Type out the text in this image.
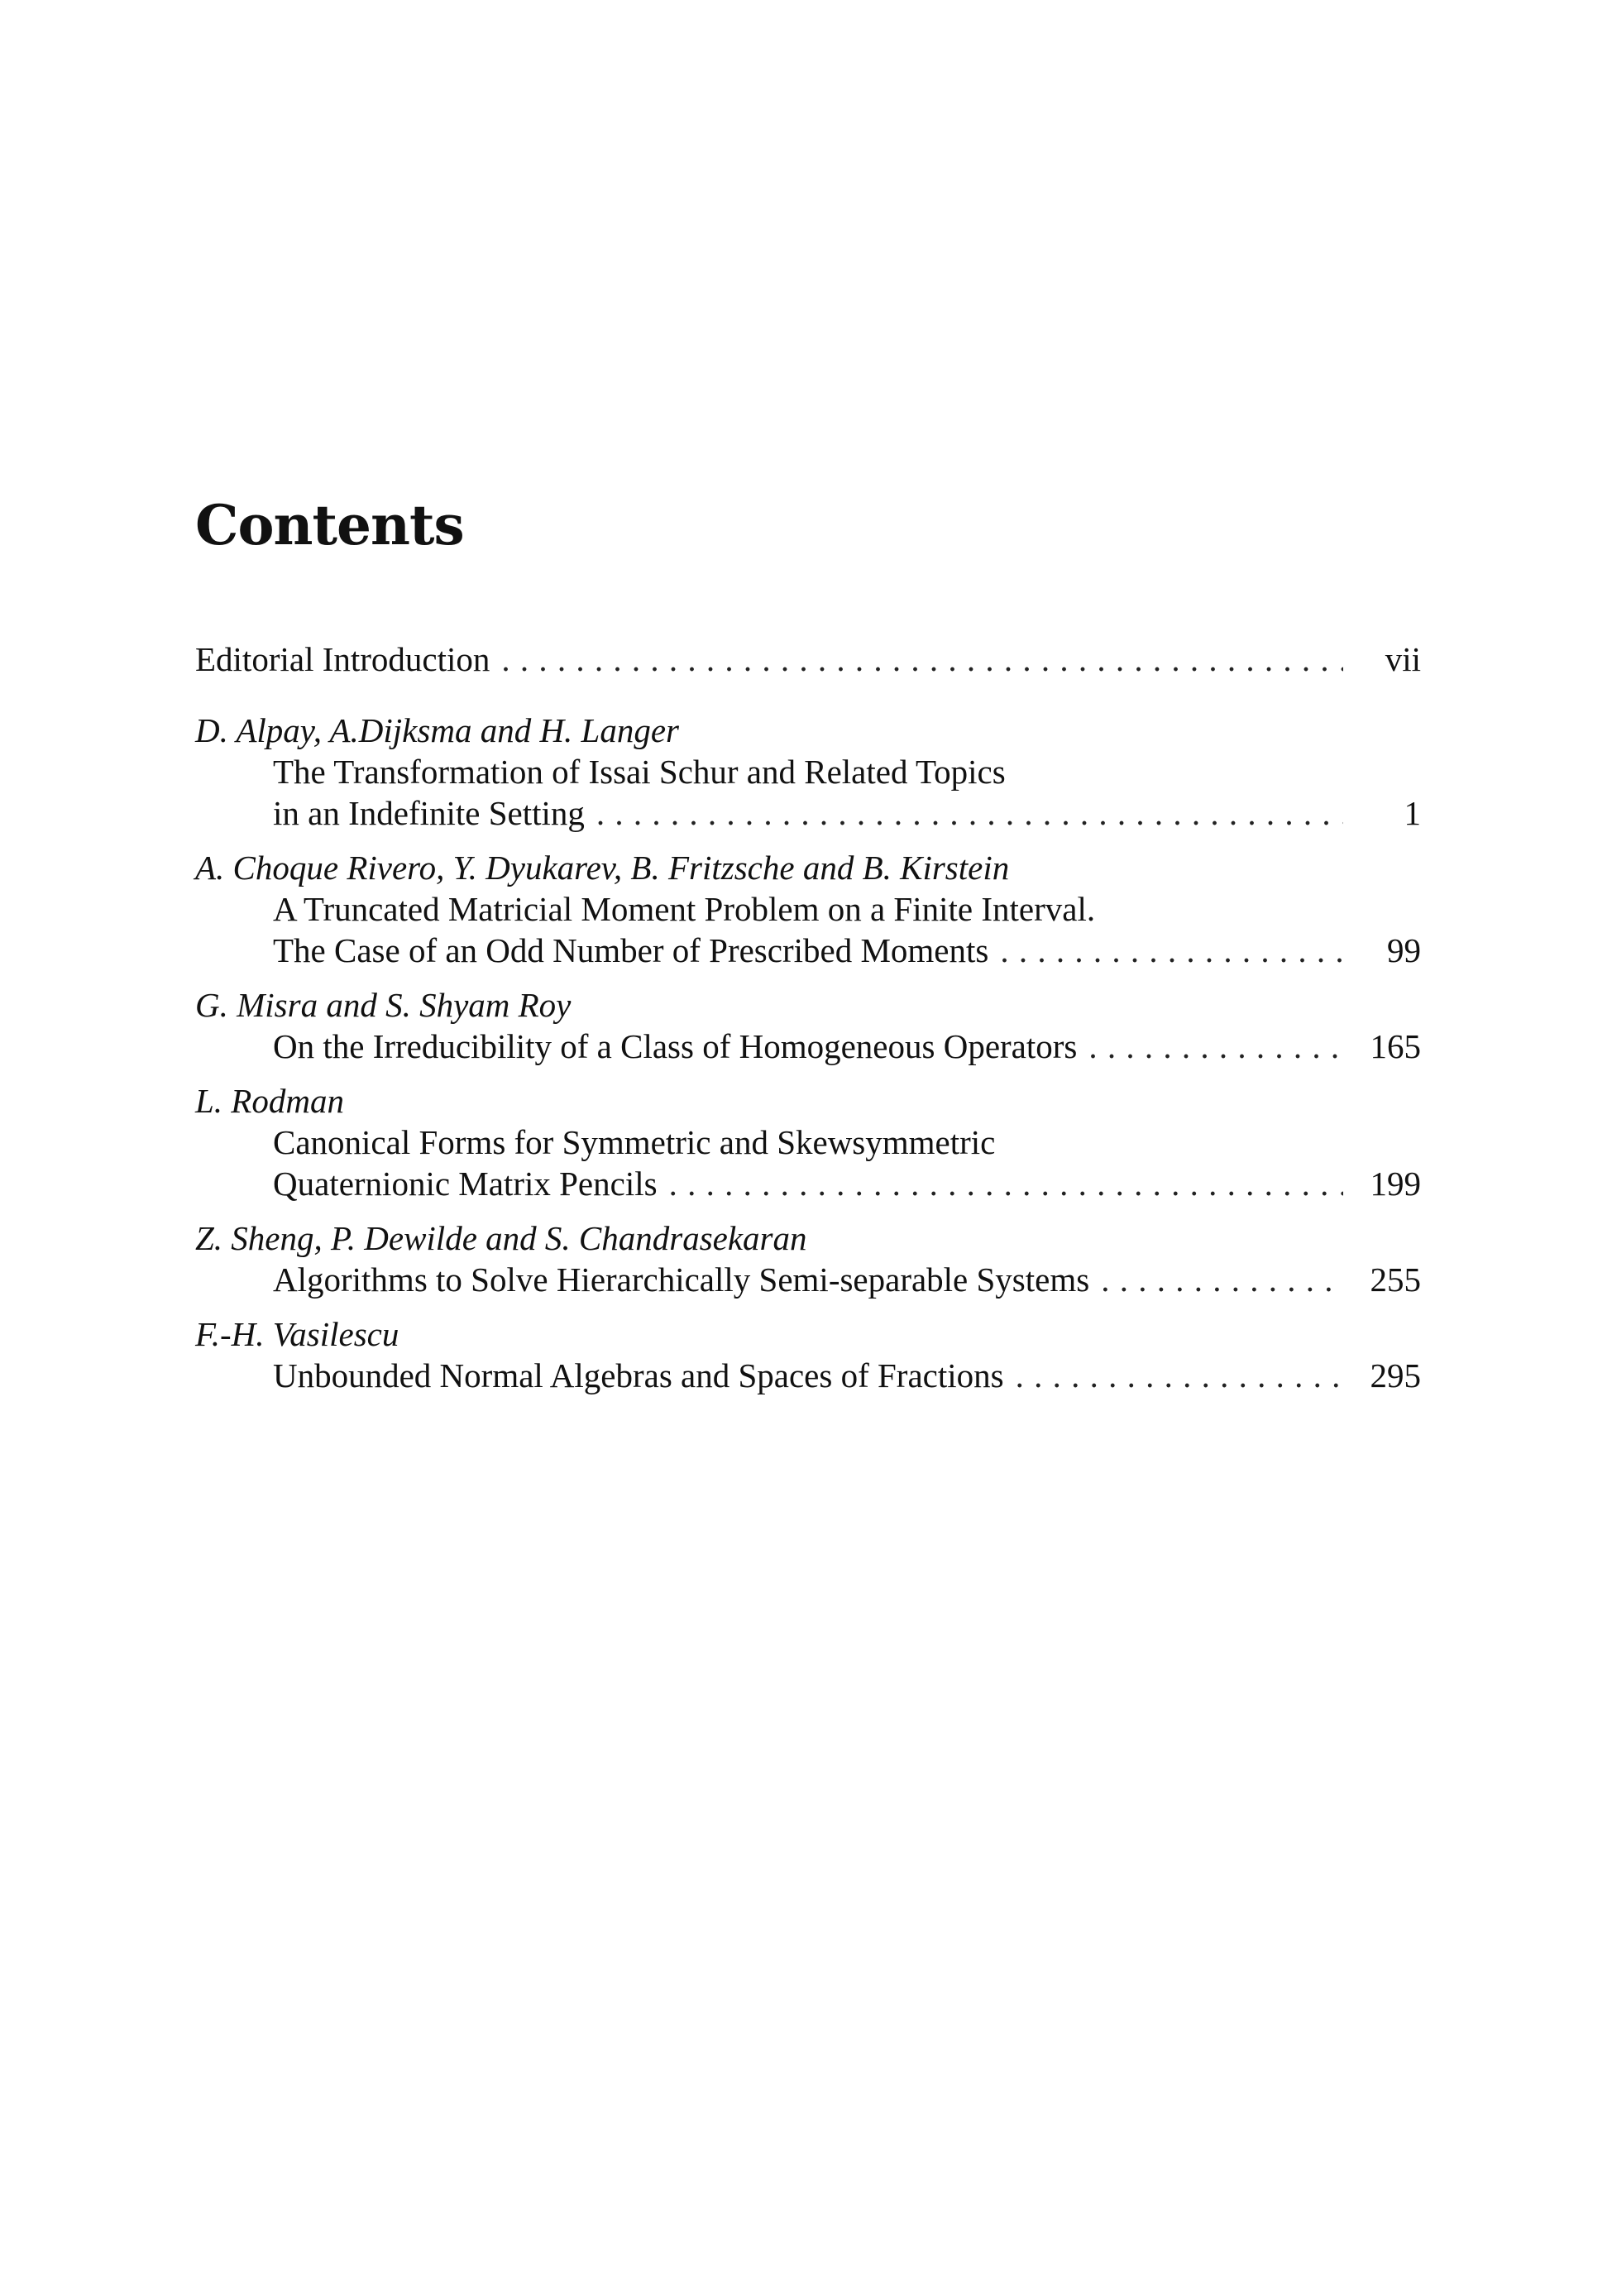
Contents
Editorial Introduction . . .	vii
D. Alpay, A.Dijksma and H. Langer
The Transformation of Issai Schur and Related Topics
in an Indefinite Setting . . .	1
A. Choque Rivero, Y. Dyukarev, B. Fritzsche and B. Kirstein
A Truncated Matricial Moment Problem on a Finite Interval.
The Case of an Odd Number of Prescribed Moments . . .	99
G. Misra and S. Shyam Roy
On the Irreducibility of a Class of Homogeneous Operators . . .	165
L. Rodman
Canonical Forms for Symmetric and Skewsymmetric
Quaternionic Matrix Pencils . . .	199
Z. Sheng, P. Dewilde and S. Chandrasekaran
Algorithms to Solve Hierarchically Semi-separable Systems . . .	255
F.-H. Vasilescu
Unbounded Normal Algebras and Spaces of Fractions . . .	295
